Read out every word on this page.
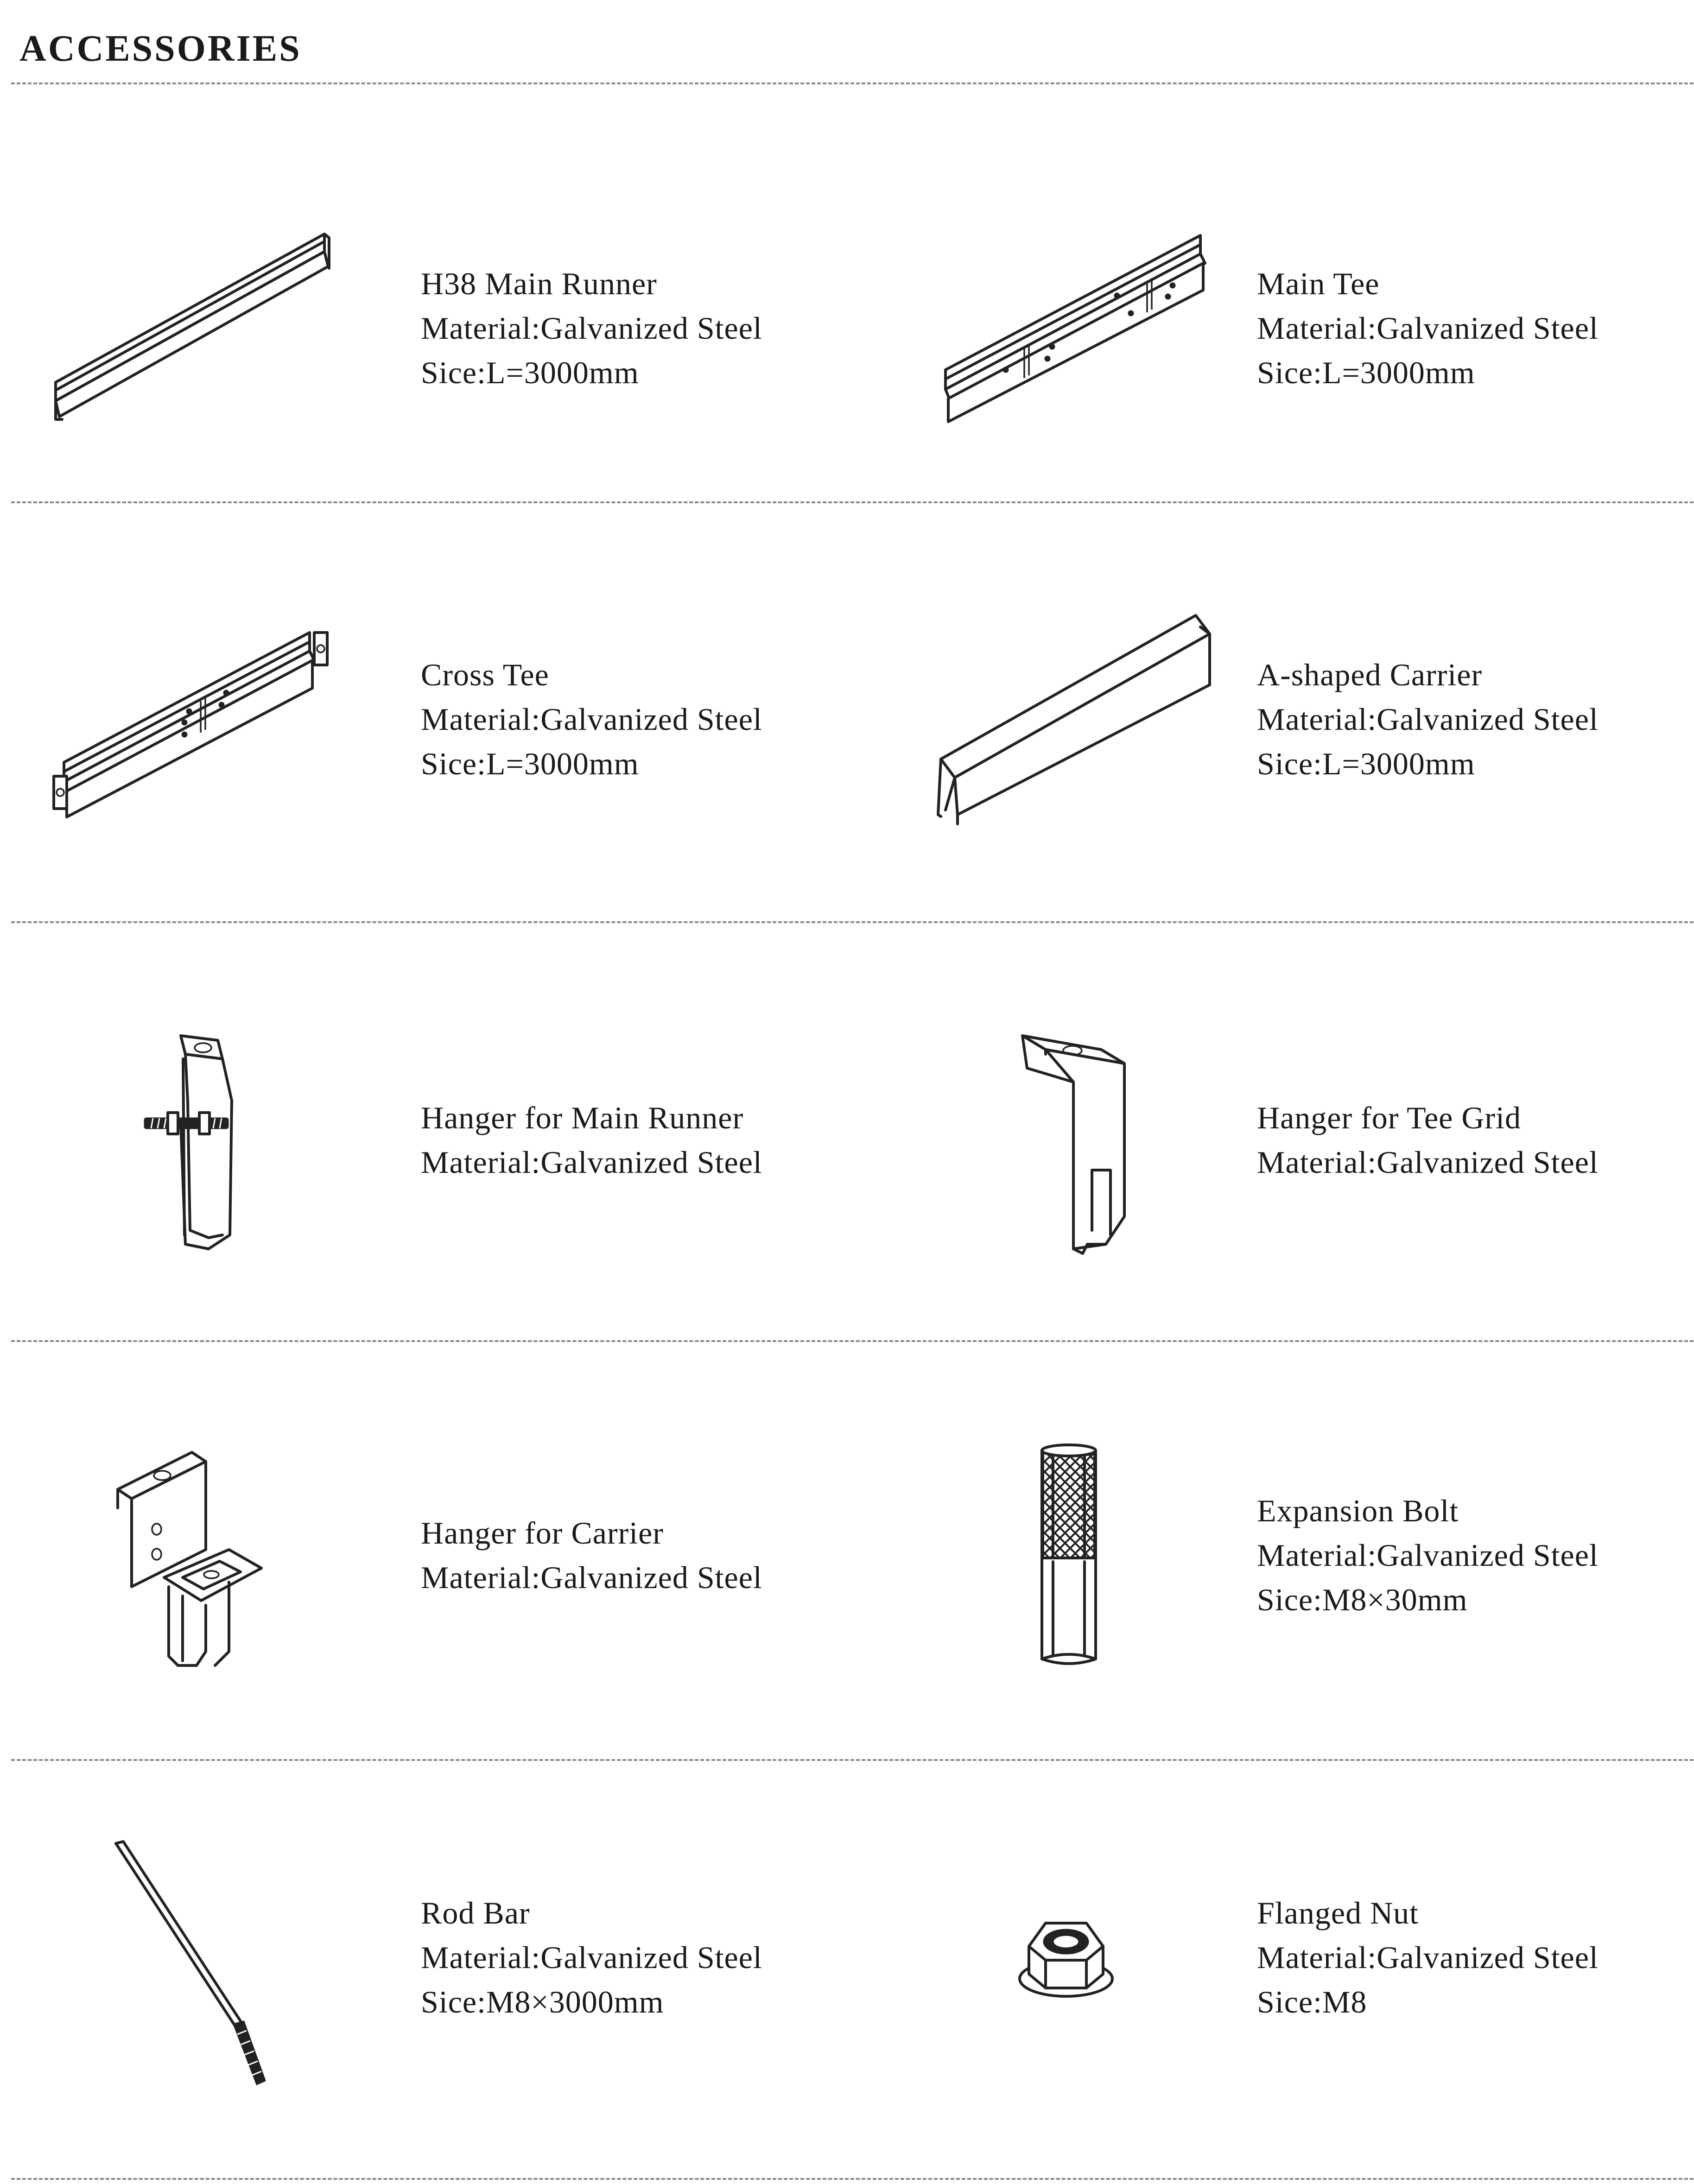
ACCESSORIES
H38 Main Runner
Material:Galvanized Steel
Sice:L=3000mm
Main Tee
Material:Galvanized Steel
Sice:L=3000mm
Cross Tee
Material:Galvanized Steel
Sice:L=3000mm
A-shaped Carrier
Material:Galvanized Steel
Sice:L=3000mm
Hanger for Main Runner
Material:Galvanized Steel
Hanger for Tee Grid
Material:Galvanized Steel
Hanger for Carrier
Material:Galvanized Steel
Expansion Bolt
Material:Galvanized Steel
Sice:M8×30mm
Rod Bar
Material:Galvanized Steel
Sice:M8×3000mm
Flanged Nut
Material:Galvanized Steel
Sice:M8
